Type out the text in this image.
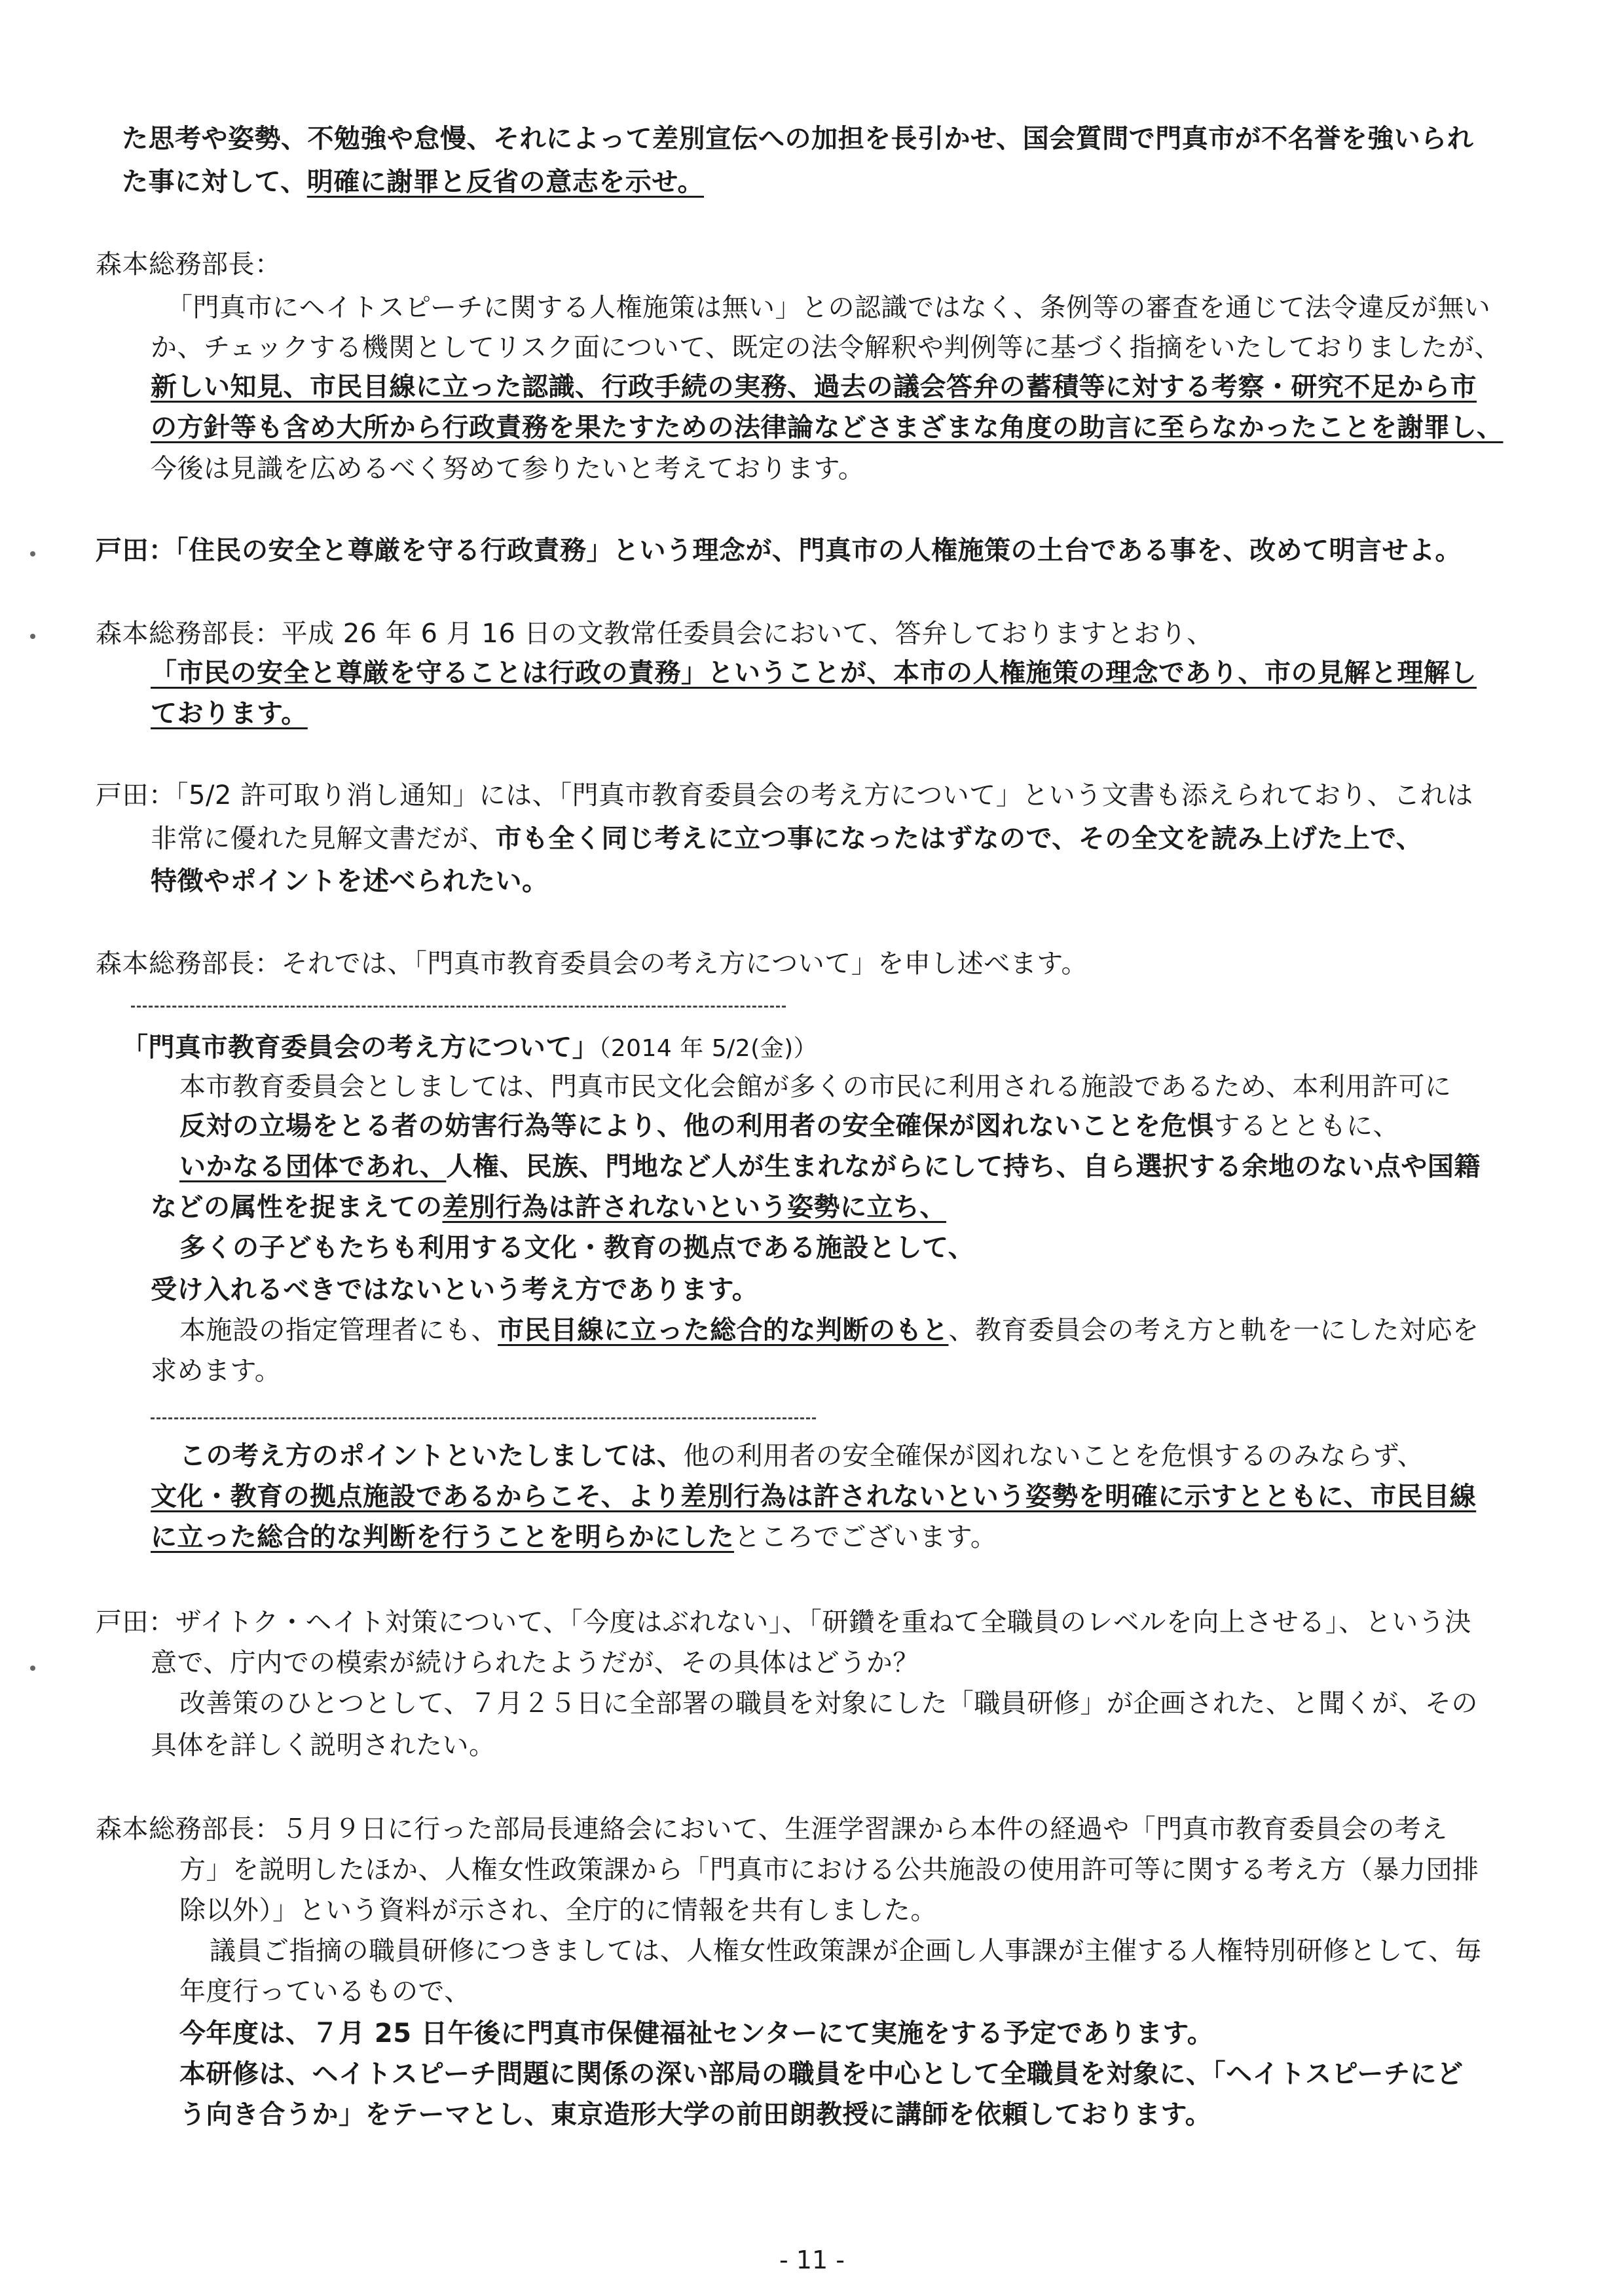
た思考や姿勢、不勉強や怠慢、それによって差別宣伝への加担を長引かせ、国会質問で門真市が不名誉を強いられ
た事に対して、明確に謝罪と反省の意志を示せ。
森本総務部長：
「門真市にヘイトスピーチに関する人権施策は無い」との認識ではなく、条例等の審査を通じて法令違反が無い
か、チェックする機関としてリスク面について、既定の法令解釈や判例等に基づく指摘をいたしておりましたが、
新しい知見、市民目線に立った認識、行政手続の実務、過去の議会答弁の蓄積等に対する考察・研究不足から市
の方針等も含め大所から行政責務を果たすための法律論などさまざまな角度の助言に至らなかったことを謝罪し、
今後は見識を広めるべく努めて参りたいと考えております。
戸田：「住民の安全と尊厳を守る行政責務」という理念が、門真市の人権施策の土台である事を、改めて明言せよ。
森本総務部長：平成 26 年 6 月 16 日の文教常任委員会において、答弁しておりますとおり、
「市民の安全と尊厳を守ることは行政の責務」ということが、本市の人権施策の理念であり、市の見解と理解し
ております。
戸田：「5/2 許可取り消し通知」には、「門真市教育委員会の考え方について」という文書も添えられており、これは
非常に優れた見解文書だが、市も全く同じ考えに立つ事になったはずなので、その全文を読み上げた上で、
特徴やポイントを述べられたい。
森本総務部長：それでは、「門真市教育委員会の考え方について」を申し述べます。
「門真市教育委員会の考え方について」（2014 年 5/2(金)）
本市教育委員会としましては、門真市民文化会館が多くの市民に利用される施設であるため、本利用許可に
反対の立場をとる者の妨害行為等により、他の利用者の安全確保が図れないことを危惧するとともに、
いかなる団体であれ、人権、民族、門地など人が生まれながらにして持ち、自ら選択する余地のない点や国籍
などの属性を捉まえての差別行為は許されないという姿勢に立ち、
多くの子どもたちも利用する文化・教育の拠点である施設として、
受け入れるべきではないという考え方であります。
本施設の指定管理者にも、市民目線に立った総合的な判断のもと、教育委員会の考え方と軌を一にした対応を
求めます。
この考え方のポイントといたしましては、他の利用者の安全確保が図れないことを危惧するのみならず、
文化・教育の拠点施設であるからこそ、より差別行為は許されないという姿勢を明確に示すとともに、市民目線
に立った総合的な判断を行うことを明らかにしたところでございます。
戸田：ザイトク・ヘイト対策について、「今度はぶれない」、「研鑽を重ねて全職員のレベルを向上させる」、という決
意で、庁内での模索が続けられたようだが、その具体はどうか？
改善策のひとつとして、７月２５日に全部署の職員を対象にした「職員研修」が企画された、と聞くが、その
具体を詳しく説明されたい。
森本総務部長：５月９日に行った部局長連絡会において、生涯学習課から本件の経過や「門真市教育委員会の考え
方」を説明したほか、人権女性政策課から「門真市における公共施設の使用許可等に関する考え方（暴力団排
除以外）」という資料が示され、全庁的に情報を共有しました。
議員ご指摘の職員研修につきましては、人権女性政策課が企画し人事課が主催する人権特別研修として、毎
年度行っているもので、
今年度は、７月 25 日午後に門真市保健福祉センターにて実施をする予定であります。
本研修は、ヘイトスピーチ問題に関係の深い部局の職員を中心として全職員を対象に、「ヘイトスピーチにど
う向き合うか」をテーマとし、東京造形大学の前田朗教授に講師を依頼しております。
- 11 -
